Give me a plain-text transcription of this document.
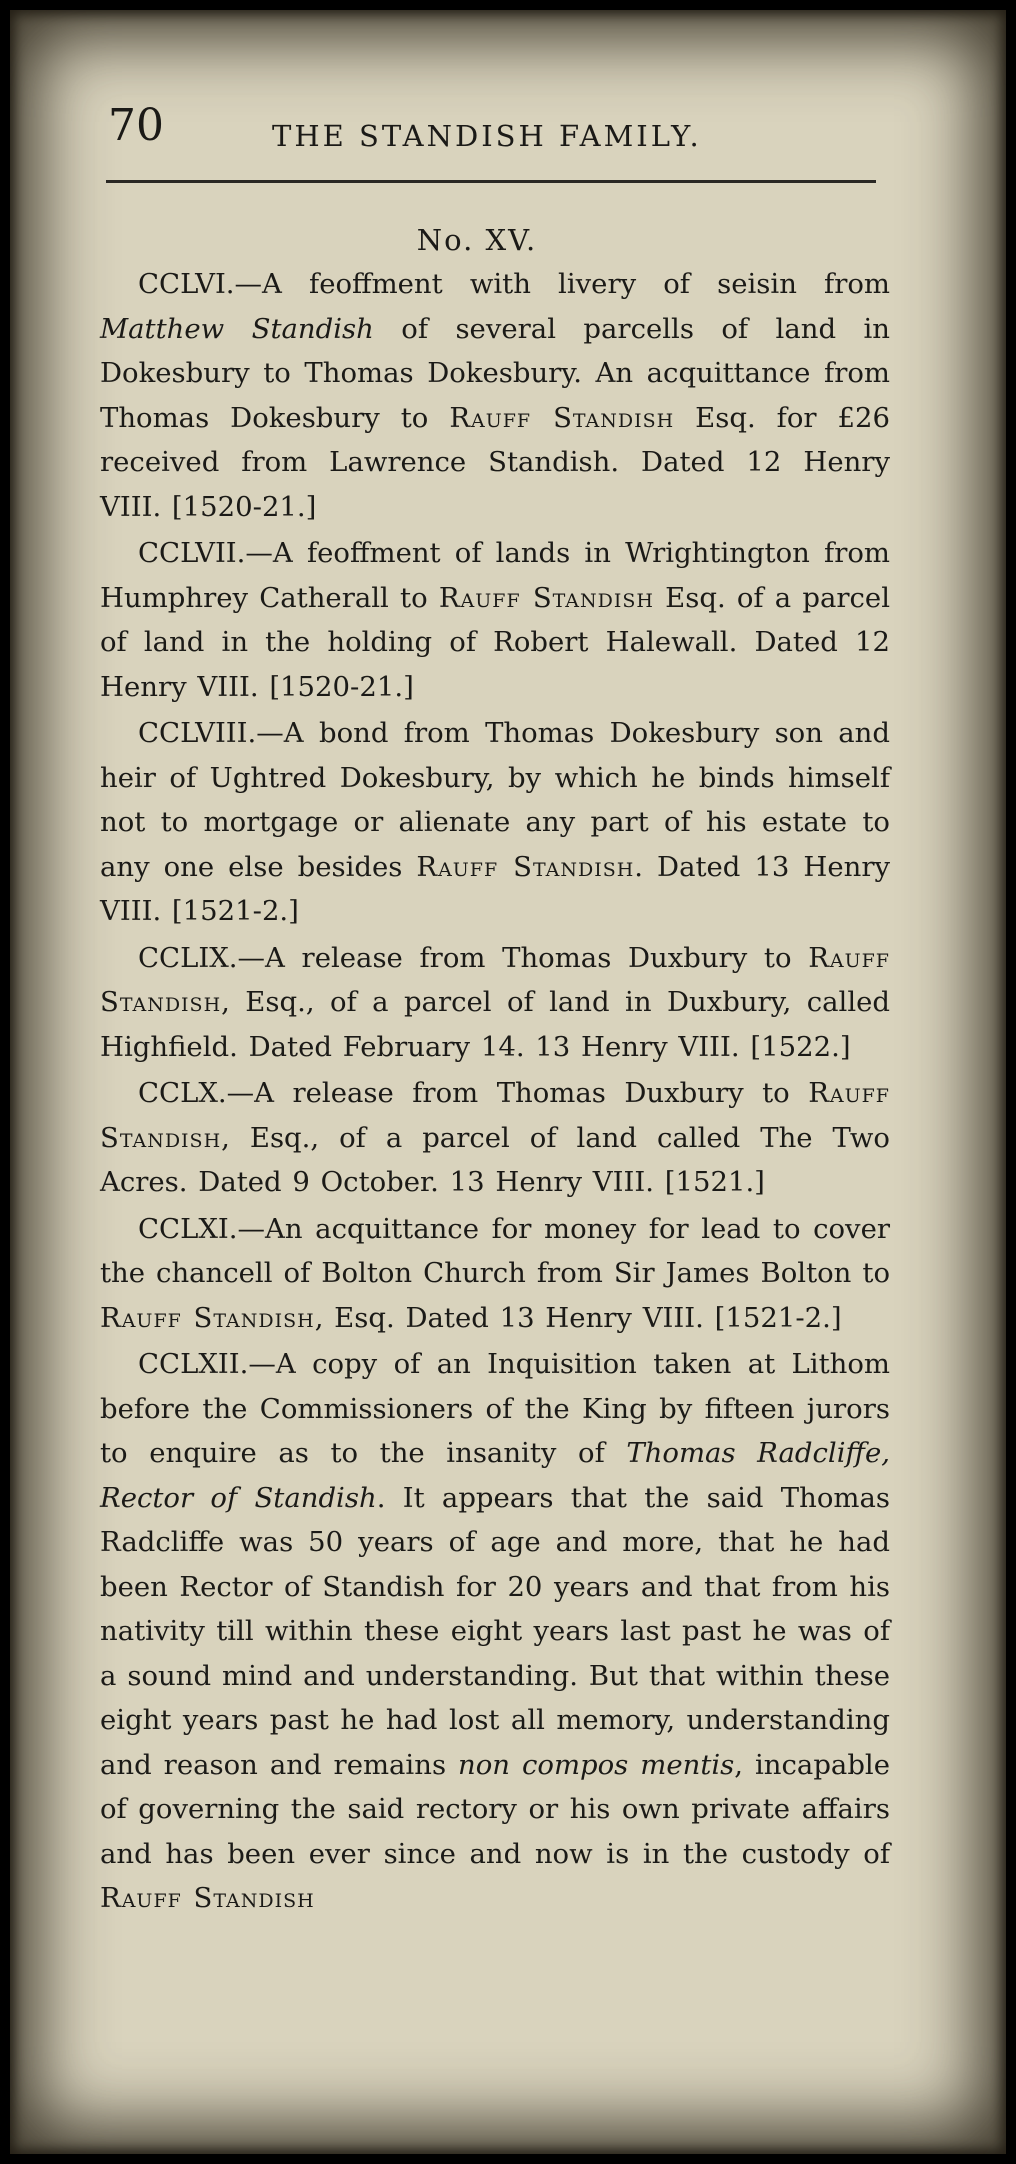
70	THE STANDISH FAMILY.
No. XV.

CCLVI.—A feoffment with livery of seisin from Matthew Standish of several parcells of land in Dokesbury to Thomas Dokesbury. An acquittance from Thomas Dokesbury to Rauff Standish Esq. for £26 received from Lawrence Standish. Dated 12 Henry VIII. [1520-21.]

CCLVII.—A feoffment of lands in Wrightington from Humphrey Catherall to Rauff Standish Esq. of a parcel of land in the holding of Robert Halewall. Dated 12 Henry VIII. [1520-21.]

CCLVIII.—A bond from Thomas Dokesbury son and heir of Ughtred Dokesbury, by which he binds himself not to mortgage or alienate any part of his estate to any one else besides Rauff Standish. Dated 13 Henry VIII. [1521-2.]

CCLIX.—A release from Thomas Duxbury to Rauff Standish, Esq., of a parcel of land in Duxbury, called Highfield. Dated February 14. 13 Henry VIII. [1522.]

CCLX.—A release from Thomas Duxbury to Rauff Standish, Esq., of a parcel of land called The Two Acres. Dated 9 October. 13 Henry VIII. [1521.]

CCLXI.—An acquittance for money for lead to cover the chancell of Bolton Church from Sir James Bolton to Rauff Standish, Esq. Dated 13 Henry VIII. [1521-2.]

CCLXII.—A copy of an Inquisition taken at Lithom before the Commissioners of the King by fifteen jurors to enquire as to the insanity of Thomas Radcliffe, Rector of Standish. It appears that the said Thomas Radcliffe was 50 years of age and more, that he had been Rector of Standish for 20 years and that from his nativity till within these eight years last past he was of a sound mind and understanding. But that within these eight years past he had lost all memory, understanding and reason and remains non compos mentis, incapable of governing the said rectory or his own private affairs and has been ever since and now is in the custody of Rauff Standish
